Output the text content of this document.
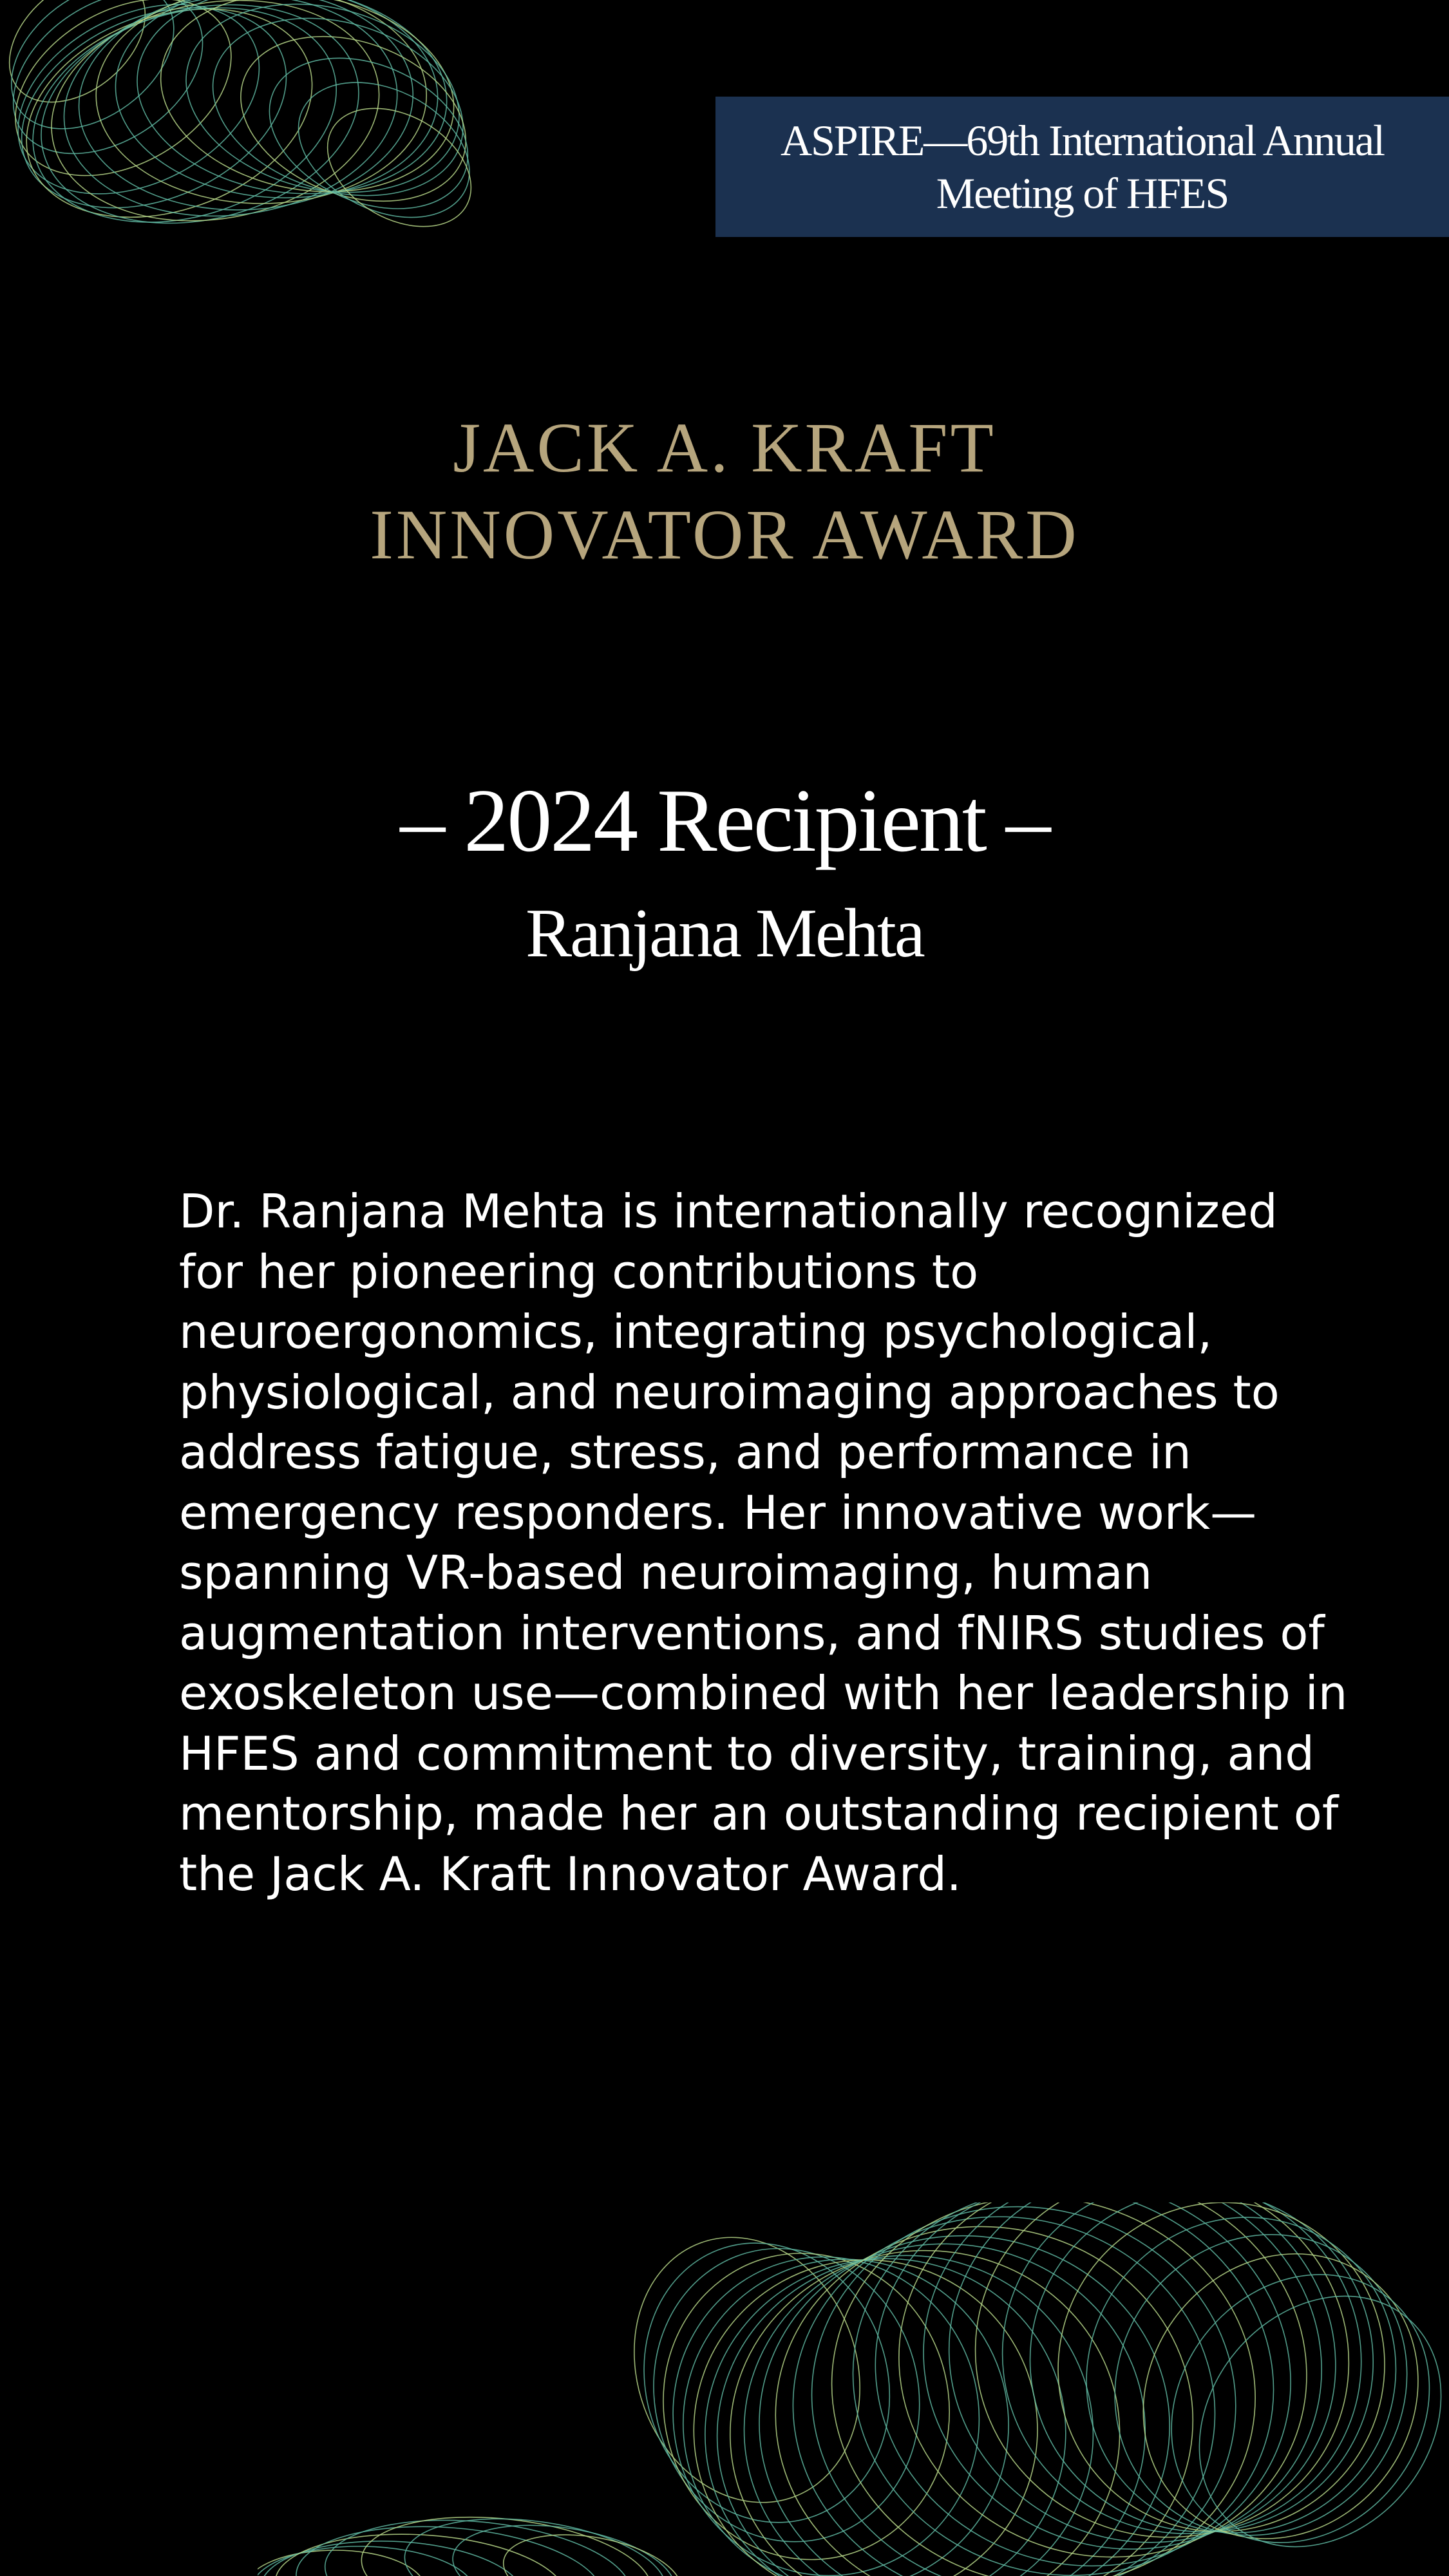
ASPIRE—69th International Annual
Meeting of HFES
JACK A. KRAFT
INNOVATOR AWARD
– 2024 Recipient –
Ranjana Mehta

Dr. Ranjana Mehta is internationally recognized for her pioneering contributions to neuroergonomics, integrating psychological, physiological, and neuroimaging approaches to address fatigue, stress, and performance in emergency responders. Her innovative work—spanning VR-based neuroimaging, human augmentation interventions, and fNIRS studies of exoskeleton use—combined with her leadership in HFES and commitment to diversity, training, and mentorship, made her an outstanding recipient of the Jack A. Kraft Innovator Award.
